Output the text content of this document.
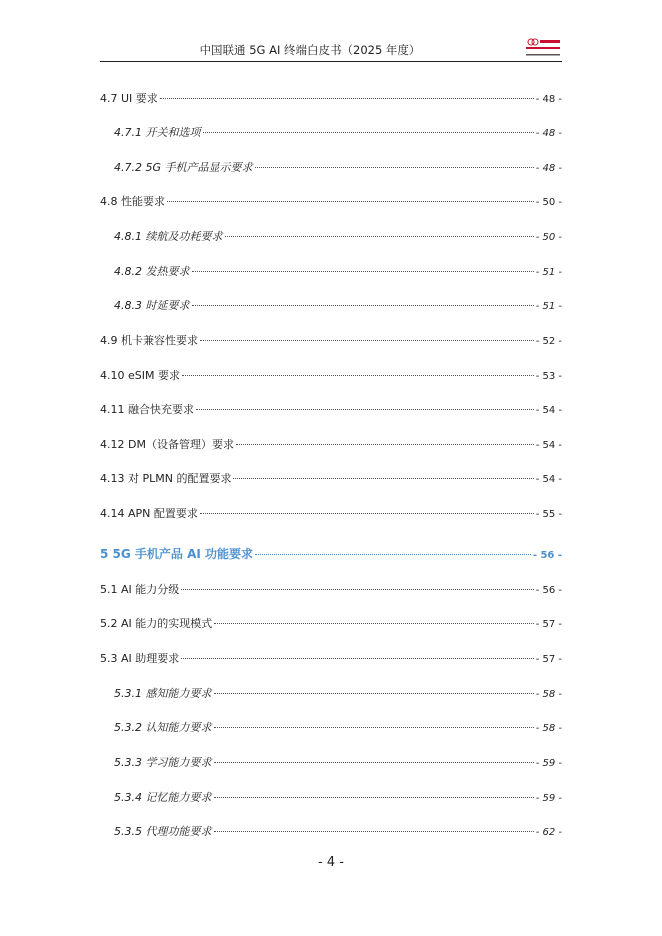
中国联通 5G AI 终端白皮书（2025 年度）
4.7 UI 要求	- 48 -
4.7.1 开关和选项	- 48 -
4.7.2 5G 手机产品显示要求	- 48 -
4.8 性能要求	- 50 -
4.8.1 续航及功耗要求	- 50 -
4.8.2 发热要求	- 51 -
4.8.3 时延要求	- 51 -
4.9 机卡兼容性要求	- 52 -
4.10 eSIM 要求	- 53 -
4.11 融合快充要求	- 54 -
4.12 DM（设备管理）要求	- 54 -
4.13 对 PLMN 的配置要求	- 54 -
4.14 APN 配置要求	- 55 -
5 5G 手机产品 AI 功能要求	- 56 -
5.1 AI 能力分级	- 56 -
5.2 AI 能力的实现模式	- 57 -
5.3 AI 助理要求	- 57 -
5.3.1 感知能力要求	- 58 -
5.3.2 认知能力要求	- 58 -
5.3.3 学习能力要求	- 59 -
5.3.4 记忆能力要求	- 59 -
5.3.5 代理功能要求	- 62 -
- 4 -
